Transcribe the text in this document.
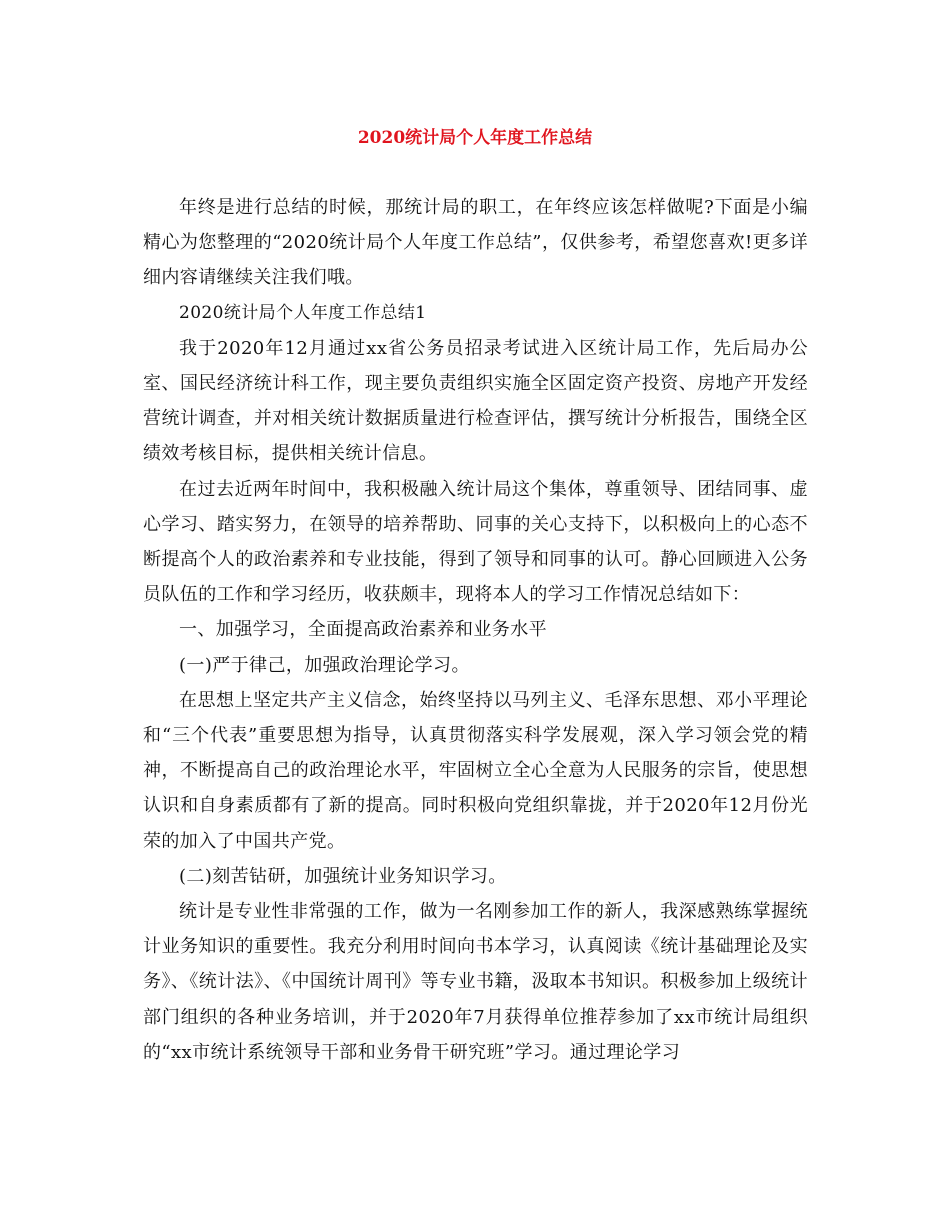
2020统计局个人年度工作总结

年终是进行总结的时候，那统计局的职工，在年终应该怎样做呢?下面是小编精心为您整理的“2020统计局个人年度工作总结”，仅供参考，希望您喜欢!更多详细内容请继续关注我们哦。

2020统计局个人年度工作总结1

我于2020年12月通过xx省公务员招录考试进入区统计局工作，先后局办公室、国民经济统计科工作，现主要负责组织实施全区固定资产投资、房地产开发经营统计调查，并对相关统计数据质量进行检查评估，撰写统计分析报告，围绕全区绩效考核目标，提供相关统计信息。

在过去近两年时间中，我积极融入统计局这个集体，尊重领导、团结同事、虚心学习、踏实努力，在领导的培养帮助、同事的关心支持下，以积极向上的心态不断提高个人的政治素养和专业技能，得到了领导和同事的认可。静心回顾进入公务员队伍的工作和学习经历，收获颇丰，现将本人的学习工作情况总结如下：

一、加强学习，全面提高政治素养和业务水平

(一)严于律己，加强政治理论学习。

在思想上坚定共产主义信念，始终坚持以马列主义、毛泽东思想、邓小平理论和“三个代表”重要思想为指导，认真贯彻落实科学发展观，深入学习领会党的精神，不断提高自己的政治理论水平，牢固树立全心全意为人民服务的宗旨，使思想认识和自身素质都有了新的提高。同时积极向党组织靠拢，并于2020年12月份光荣的加入了中国共产党。

(二)刻苦钻研，加强统计业务知识学习。

统计是专业性非常强的工作，做为一名刚参加工作的新人，我深感熟练掌握统计业务知识的重要性。我充分利用时间向书本学习，认真阅读《统计基础理论及实务》、《统计法》、《中国统计周刊》等专业书籍，汲取本书知识。积极参加上级统计部门组织的各种业务培训，并于2020年7月获得单位推荐参加了xx市统计局组织的“xx市统计系统领导干部和业务骨干研究班”学习。通过理论学习
